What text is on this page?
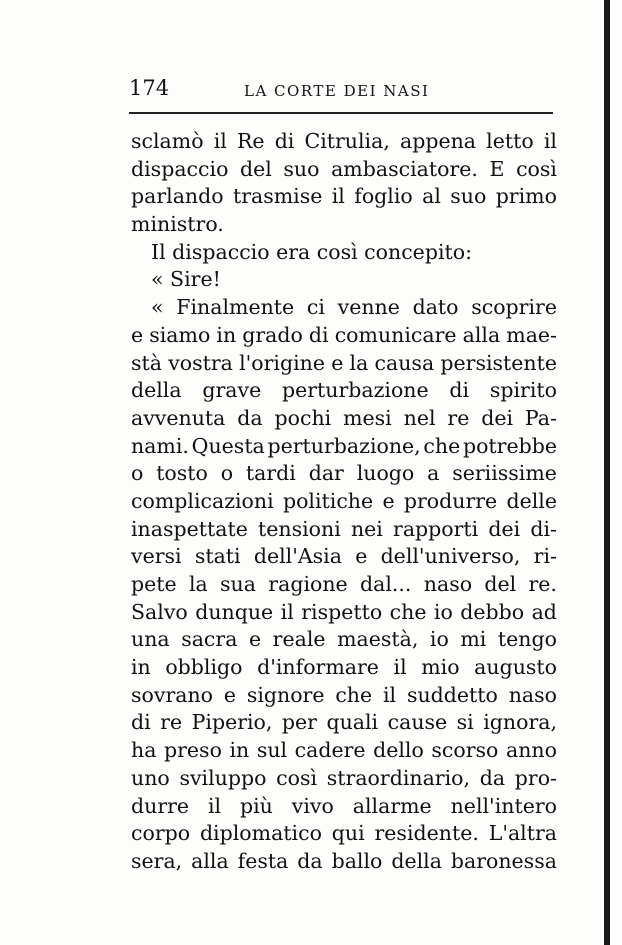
174	LA CORTE DEI NASI
sclamò il Re di Citrulia, appena letto il
dispaccio del suo ambasciatore. E così
parlando trasmise il foglio al suo primo
ministro.
Il dispaccio era così concepito:
« Sire!
« Finalmente ci venne dato scoprire
e siamo in grado di comunicare alla mae-
stà vostra l'origine e la causa persistente
della grave perturbazione di spirito
avvenuta da pochi mesi nel re dei Pa-
nami. Questa perturbazione, che potrebbe
o tosto o tardi dar luogo a seriissime
complicazioni politiche e produrre delle
inaspettate tensioni nei rapporti dei di-
versi stati dell'Asia e dell'universo, ri-
pete la sua ragione dal... naso del re.
Salvo dunque il rispetto che io debbo ad
una sacra e reale maestà, io mi tengo
in obbligo d'informare il mio augusto
sovrano e signore che il suddetto naso
di re Piperio, per quali cause si ignora,
ha preso in sul cadere dello scorso anno
uno sviluppo così straordinario, da pro-
durre il più vivo allarme nell'intero
corpo diplomatico qui residente. L'altra
sera, alla festa da ballo della baronessa
